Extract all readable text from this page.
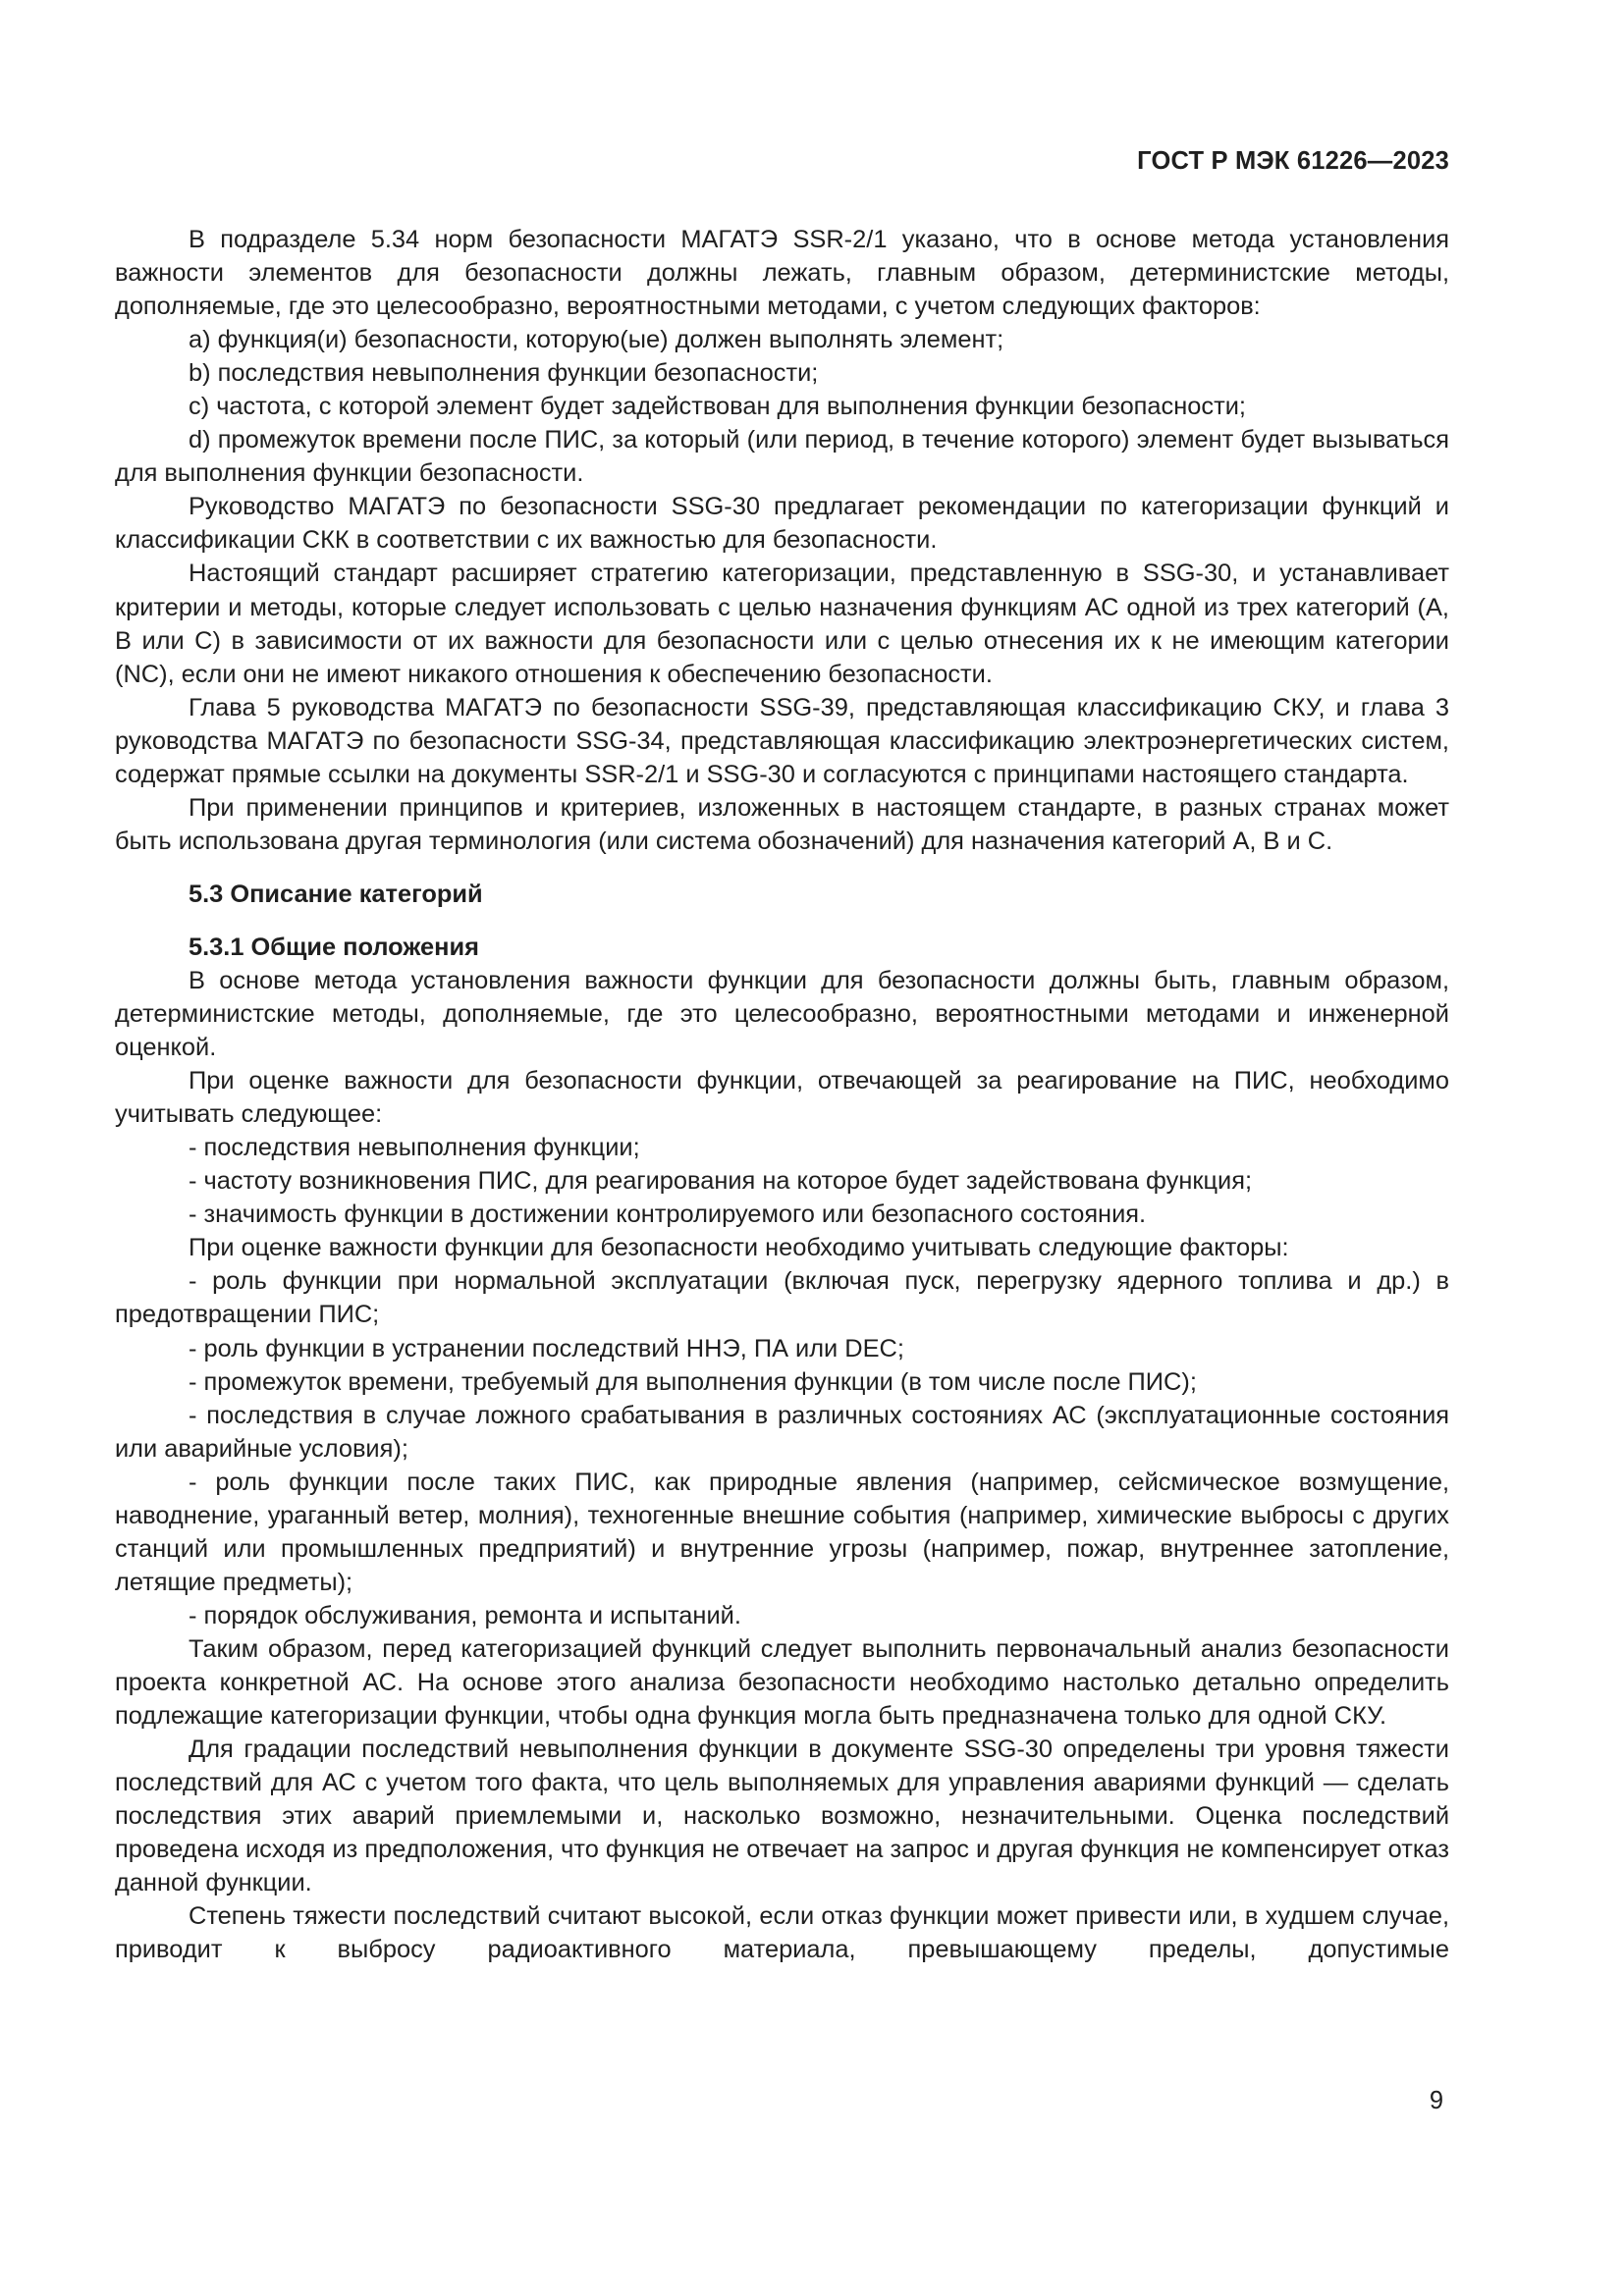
ГОСТ Р МЭК 61226—2023

В подразделе 5.34 норм безопасности МАГАТЭ SSR-2/1 указано, что в основе метода установления важности элементов для безопасности должны лежать, главным образом, детерминистские методы, дополняемые, где это целесообразно, вероятностными методами, с учетом следующих факторов:

a) функция(и) безопасности, которую(ые) должен выполнять элемент;

b) последствия невыполнения функции безопасности;

c) частота, с которой элемент будет задействован для выполнения функции безопасности;

d) промежуток времени после ПИС, за который (или период, в течение которого) элемент будет вызываться для выполнения функции безопасности.

Руководство МАГАТЭ по безопасности SSG-30 предлагает рекомендации по категоризации функций и классификации СКК в соответствии с их важностью для безопасности.

Настоящий стандарт расширяет стратегию категоризации, представленную в SSG-30, и устанавливает критерии и методы, которые следует использовать с целью назначения функциям АС одной из трех категорий (А, В или С) в зависимости от их важности для безопасности или с целью отнесения их к не имеющим категории (NC), если они не имеют никакого отношения к обеспечению безопасности.

Глава 5 руководства МАГАТЭ по безопасности SSG-39, представляющая классификацию СКУ, и глава 3 руководства МАГАТЭ по безопасности SSG-34, представляющая классификацию электроэнергетических систем, содержат прямые ссылки на документы SSR-2/1 и SSG-30 и согласуются с принципами настоящего стандарта.

При применении принципов и критериев, изложенных в настоящем стандарте, в разных странах может быть использована другая терминология (или система обозначений) для назначения категорий А, В и С.

5.3 Описание категорий
5.3.1 Общие положения

В основе метода установления важности функции для безопасности должны быть, главным образом, детерминистские методы, дополняемые, где это целесообразно, вероятностными методами и инженерной оценкой.

При оценке важности для безопасности функции, отвечающей за реагирование на ПИС, необходимо учитывать следующее:

- последствия невыполнения функции;

- частоту возникновения ПИС, для реагирования на которое будет задействована функция;

- значимость функции в достижении контролируемого или безопасного состояния.

При оценке важности функции для безопасности необходимо учитывать следующие факторы:

- роль функции при нормальной эксплуатации (включая пуск, перегрузку ядерного топлива и др.) в предотвращении ПИС;

- роль функции в устранении последствий ННЭ, ПА или DEC;

- промежуток времени, требуемый для выполнения функции (в том числе после ПИС);

- последствия в случае ложного срабатывания в различных состояниях АС (эксплуатационные состояния или аварийные условия);

- роль функции после таких ПИС, как природные явления (например, сейсмическое возмущение, наводнение, ураганный ветер, молния), техногенные внешние события (например, химические выбросы с других станций или промышленных предприятий) и внутренние угрозы (например, пожар, внутреннее затопление, летящие предметы);

- порядок обслуживания, ремонта и испытаний.

Таким образом, перед категоризацией функций следует выполнить первоначальный анализ безопасности проекта конкретной АС. На основе этого анализа безопасности необходимо настолько детально определить подлежащие категоризации функции, чтобы одна функция могла быть предназначена только для одной СКУ.

Для градации последствий невыполнения функции в документе SSG-30 определены три уровня тяжести последствий для АС с учетом того факта, что цель выполняемых для управления авариями функций — сделать последствия этих аварий приемлемыми и, насколько возможно, незначительными. Оценка последствий проведена исходя из предположения, что функция не отвечает на запрос и другая функция не компенсирует отказ данной функции.

Степень тяжести последствий считают высокой, если отказ функции может привести или, в худшем случае, приводит к выбросу радиоактивного материала, превышающему пределы, допустимые

9
